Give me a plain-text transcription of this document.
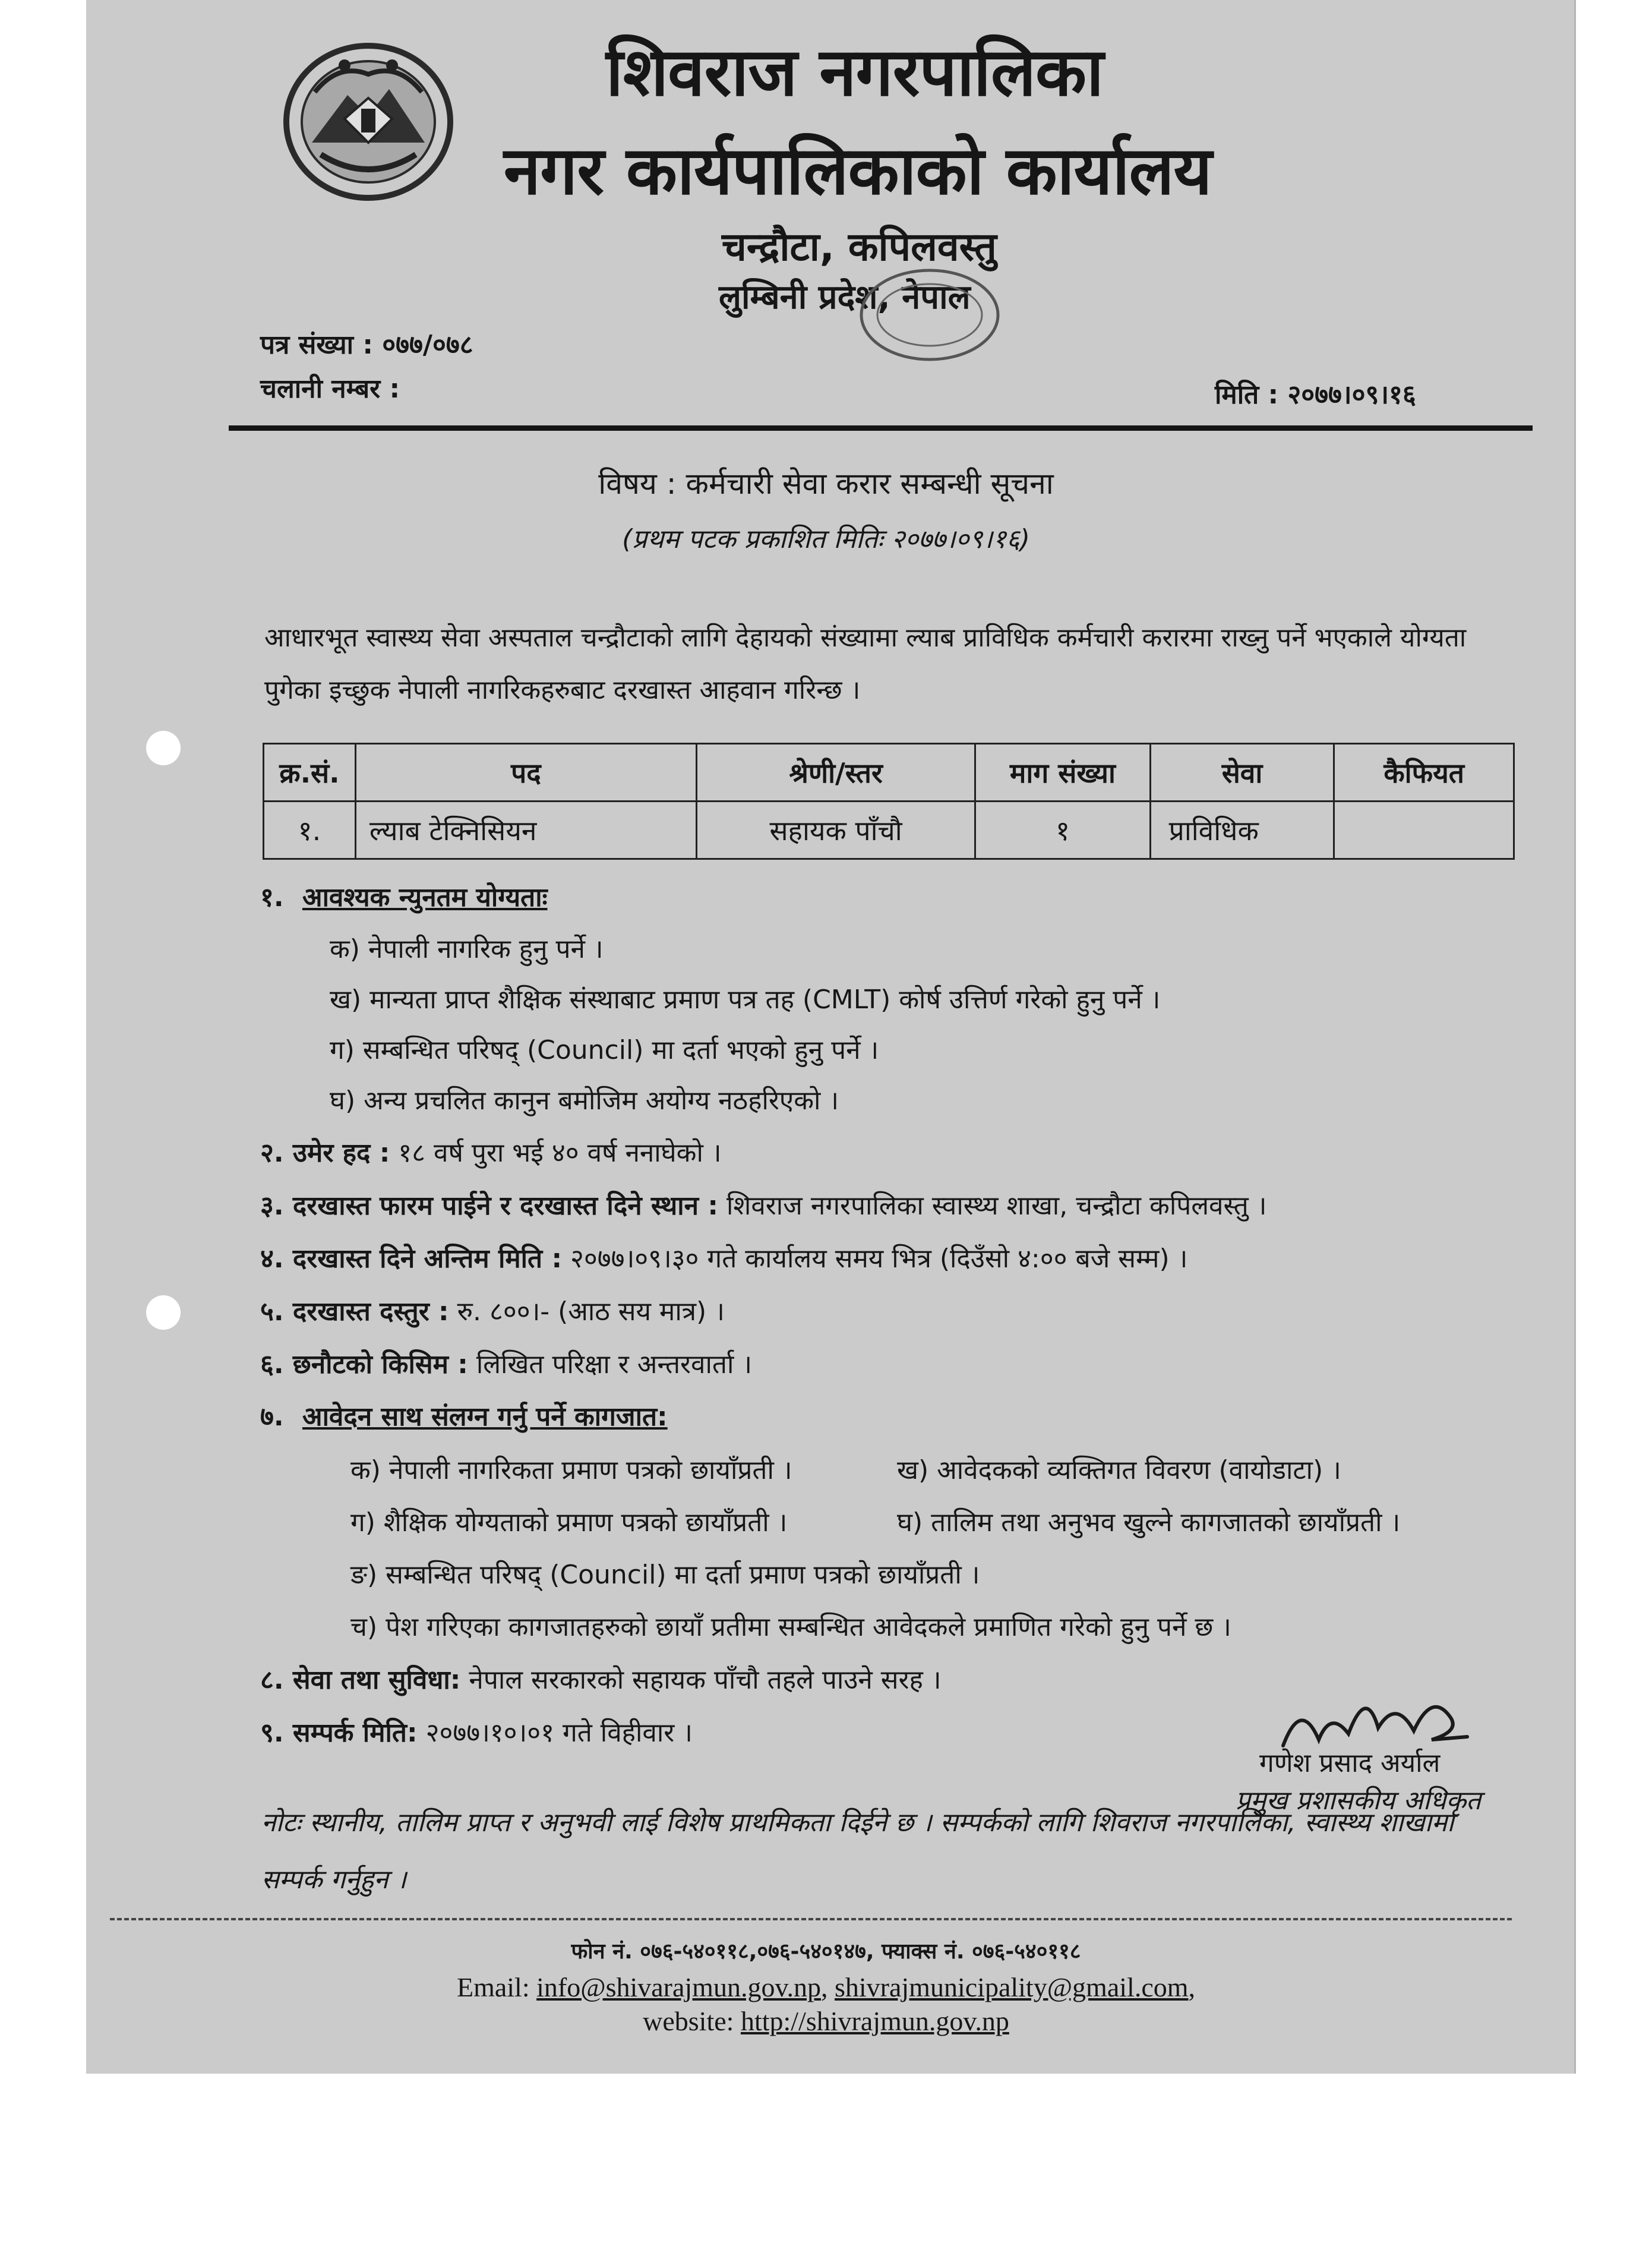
शिवराज नगरपालिका
नगर कार्यपालिकाको कार्यालय
चन्द्रौटा, कपिलवस्तु
लुम्बिनी प्रदेश, नेपाल
पत्र संख्या : ०७७/०७८
चलानी नम्बर :	मिति : २०७७।०९।१६
विषय : कर्मचारी सेवा करार सम्बन्धी सूचना
(प्रथम पटक प्रकाशित मितिः २०७७।०९।१६)
आधारभूत स्वास्थ्य सेवा अस्पताल चन्द्रौटाको लागि देहायको संख्यामा ल्याब प्राविधिक कर्मचारी करारमा राख्नु पर्ने भएकाले योग्यता पुगेका इच्छुक नेपाली नागरिकहरुबाट दरखास्त आहवान गरिन्छ ।
क्र.सं.	पद	श्रेणी/स्तर	माग संख्या	सेवा	कैफियत
१.	ल्याब टेक्निसियन	सहायक पाँचौ	१	प्राविधिक	
१. आवश्यक न्युनतम योग्यताः
क) नेपाली नागरिक हुनु पर्ने ।
ख) मान्यता प्राप्त शैक्षिक संस्थाबाट प्रमाण पत्र तह (CMLT) कोर्ष उत्तिर्ण गरेको हुनु पर्ने ।
ग) सम्बन्धित परिषद् (Council) मा दर्ता भएको हुनु पर्ने ।
घ) अन्य प्रचलित कानुन बमोजिम अयोग्य नठहरिएको ।
२. उमेर हद : १८ वर्ष पुरा भई ४० वर्ष ननाघेको ।
३. दरखास्त फारम पाईने र दरखास्त दिने स्थान : शिवराज नगरपालिका स्वास्थ्य शाखा, चन्द्रौटा कपिलवस्तु ।
४. दरखास्त दिने अन्तिम मिति : २०७७।०९।३० गते कार्यालय समय भित्र (दिउँसो ४:०० बजे सम्म) ।
५. दरखास्त दस्तुर : रु. ८००।- (आठ सय मात्र) ।
६. छनौटको किसिम : लिखित परिक्षा र अन्तरवार्ता ।
७. आवेदन साथ संलग्न गर्नु पर्ने कागजात:
क) नेपाली नागरिकता प्रमाण पत्रको छायाँप्रती ।	ख) आवेदकको व्यक्तिगत विवरण (वायोडाटा) ।
ग) शैक्षिक योग्यताको प्रमाण पत्रको छायाँप्रती ।	घ) तालिम तथा अनुभव खुल्ने कागजातको छायाँप्रती ।
ङ) सम्बन्धित परिषद् (Council) मा दर्ता प्रमाण पत्रको छायाँप्रती ।
च) पेश गरिएका कागजातहरुको छायाँ प्रतीमा सम्बन्धित आवेदकले प्रमाणित गरेको हुनु पर्ने छ ।
८. सेवा तथा सुविधा: नेपाल सरकारको सहायक पाँचौ तहले पाउने सरह ।
९. सम्पर्क मिति: २०७७।१०।०१ गते विहीवार ।
गणेश प्रसाद अर्याल
प्रमुख प्रशासकीय अधिकृत
नोटः स्थानीय, तालिम प्राप्त र अनुभवी लाई विशेष प्राथमिकता दिईने छ । सम्पर्कको लागि शिवराज नगरपालिका, स्वास्थ्य शाखामा सम्पर्क गर्नुहुन ।
फोन नं. ०७६-५४०११८,०७६-५४०१४७, फ्याक्स नं. ०७६-५४०११८
Email: info@shivarajmun.gov.np, shivrajmunicipality@gmail.com,
website: http://shivrajmun.gov.np
